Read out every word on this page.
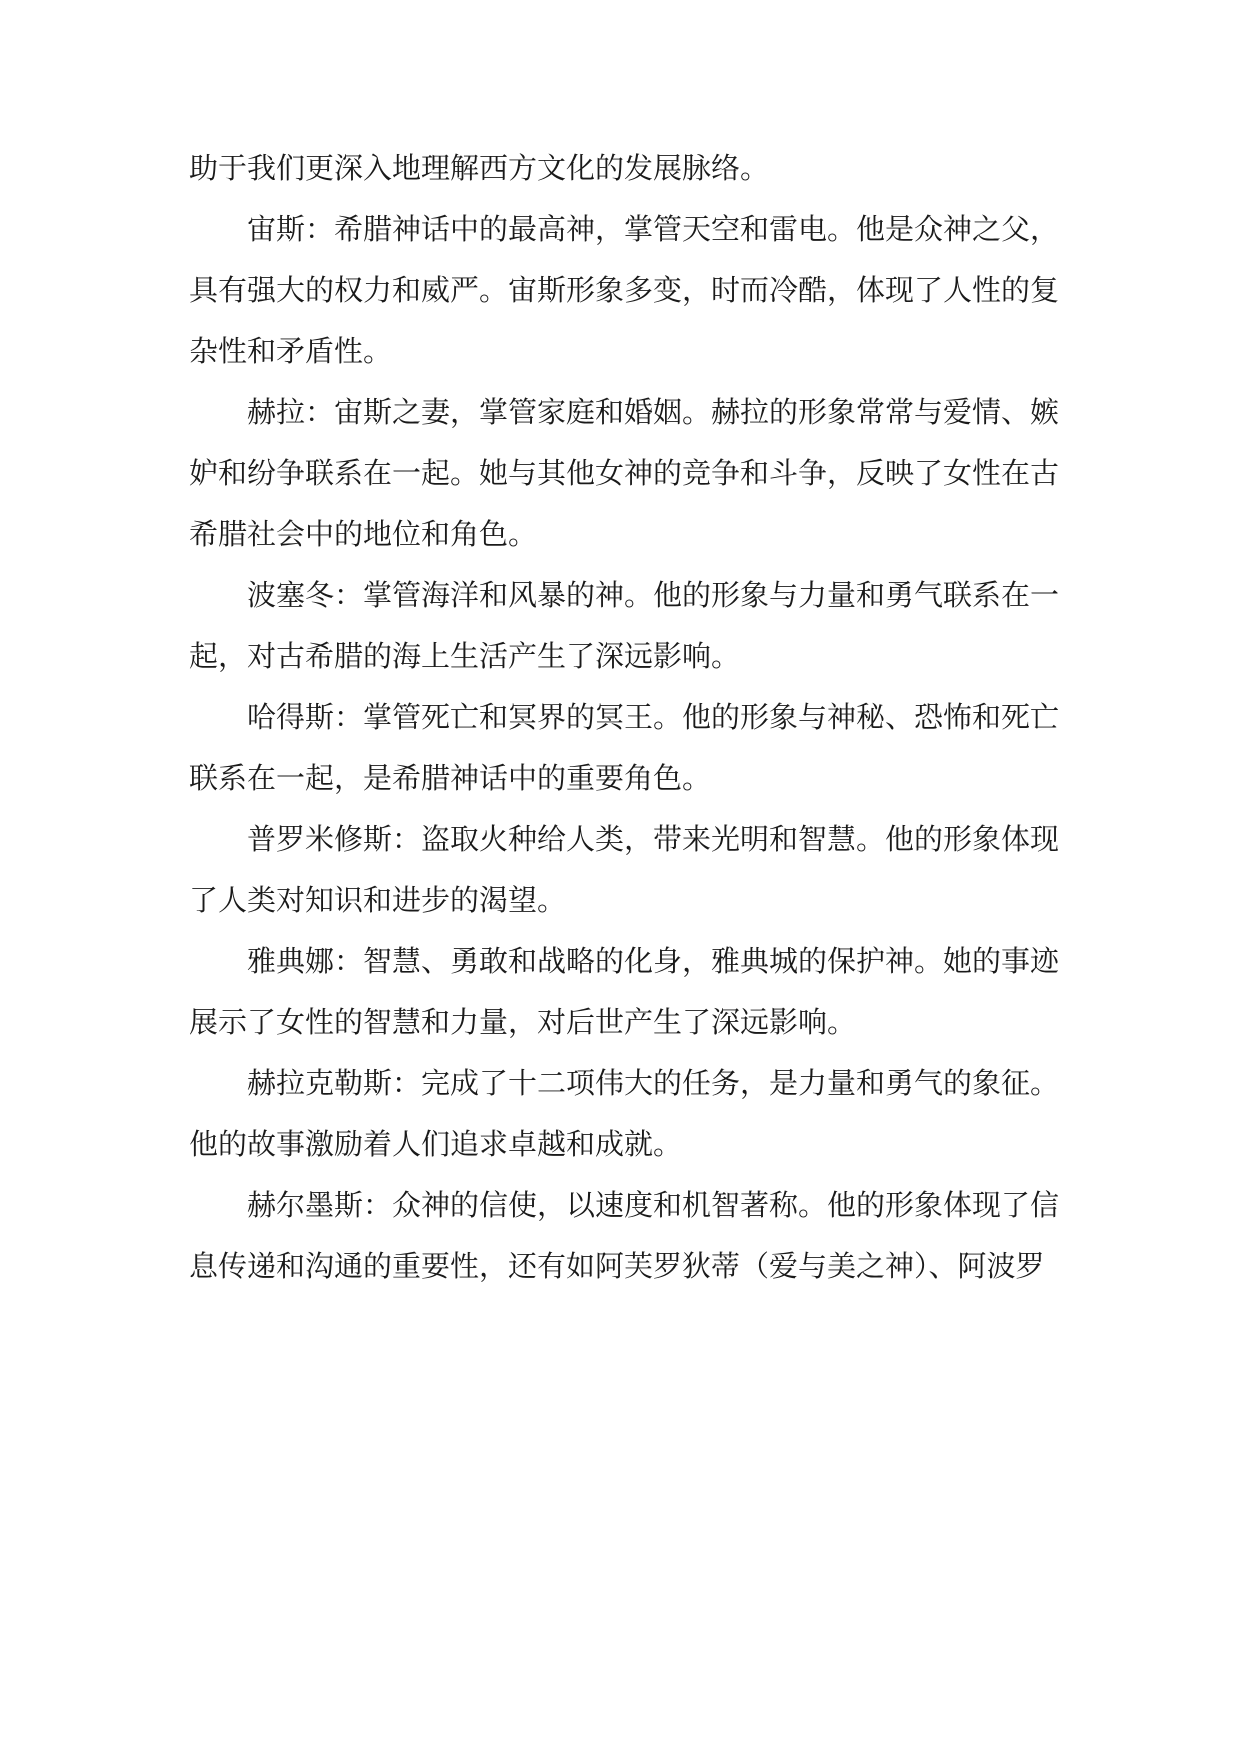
助于我们更深入地理解西方文化的发展脉络。
宙斯：希腊神话中的最高神，掌管天空和雷电。他是众神之父，
具有强大的权力和威严。宙斯形象多变，时而冷酷，体现了人性的复
杂性和矛盾性。
赫拉：宙斯之妻，掌管家庭和婚姻。赫拉的形象常常与爱情、嫉
妒和纷争联系在一起。她与其他女神的竞争和斗争，反映了女性在古
希腊社会中的地位和角色。
波塞冬：掌管海洋和风暴的神。他的形象与力量和勇气联系在一
起，对古希腊的海上生活产生了深远影响。
哈得斯：掌管死亡和冥界的冥王。他的形象与神秘、恐怖和死亡
联系在一起，是希腊神话中的重要角色。
普罗米修斯：盗取火种给人类，带来光明和智慧。他的形象体现
了人类对知识和进步的渴望。
雅典娜：智慧、勇敢和战略的化身，雅典城的保护神。她的事迹
展示了女性的智慧和力量，对后世产生了深远影响。
赫拉克勒斯：完成了十二项伟大的任务，是力量和勇气的象征。
他的故事激励着人们追求卓越和成就。
赫尔墨斯：众神的信使，以速度和机智著称。他的形象体现了信
息传递和沟通的重要性，还有如阿芙罗狄蒂（爱与美之神）、阿波罗
